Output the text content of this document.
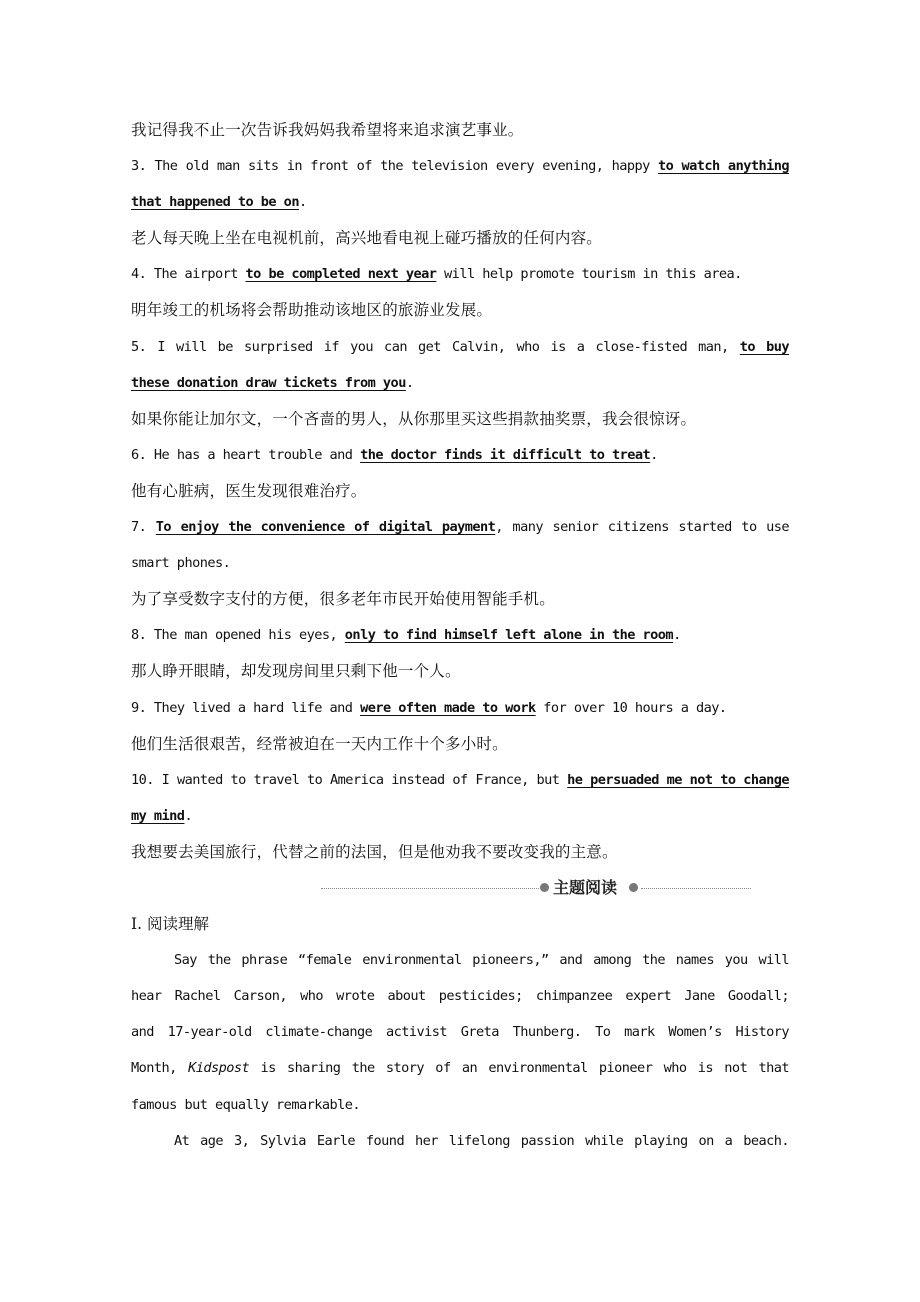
我记得我不止一次告诉我妈妈我希望将来追求演艺事业。
3. The old man sits in front of the television every evening, happy to watch anything
that happened to be on.
老人每天晚上坐在电视机前，高兴地看电视上碰巧播放的任何内容。
4. The airport to be completed next year will help promote tourism in this area.
明年竣工的机场将会帮助推动该地区的旅游业发展。
5. I will be surprised if you can get Calvin, who is a close-fisted man, to buy
these donation draw tickets from you.
如果你能让加尔文，一个吝啬的男人，从你那里买这些捐款抽奖票，我会很惊讶。
6. He has a heart trouble and the doctor finds it difficult to treat.
他有心脏病，医生发现很难治疗。
7. To enjoy the convenience of digital payment, many senior citizens started to use
smart phones.
为了享受数字支付的方便，很多老年市民开始使用智能手机。
8. The man opened his eyes, only to find himself left alone in the room.
那人睁开眼睛，却发现房间里只剩下他一个人。
9. They lived a hard life and were often made to work for over 10 hours a day.
他们生活很艰苦，经常被迫在一天内工作十个多小时。
10. I wanted to travel to America instead of France, but he persuaded me not to change
my mind.
我想要去美国旅行，代替之前的法国，但是他劝我不要改变我的主意。
主题阅读
Ⅰ. 阅读理解
Say the phrase “female environmental pioneers,” and among the names you will
hear Rachel Carson, who wrote about pesticides; chimpanzee expert Jane Goodall;
and 17-year-old climate-change activist Greta Thunberg. To mark Women’s History
Month, Kidspost is sharing the story of an environmental pioneer who is not that
famous but equally remarkable.
At age 3, Sylvia Earle found her lifelong passion while playing on a beach.
